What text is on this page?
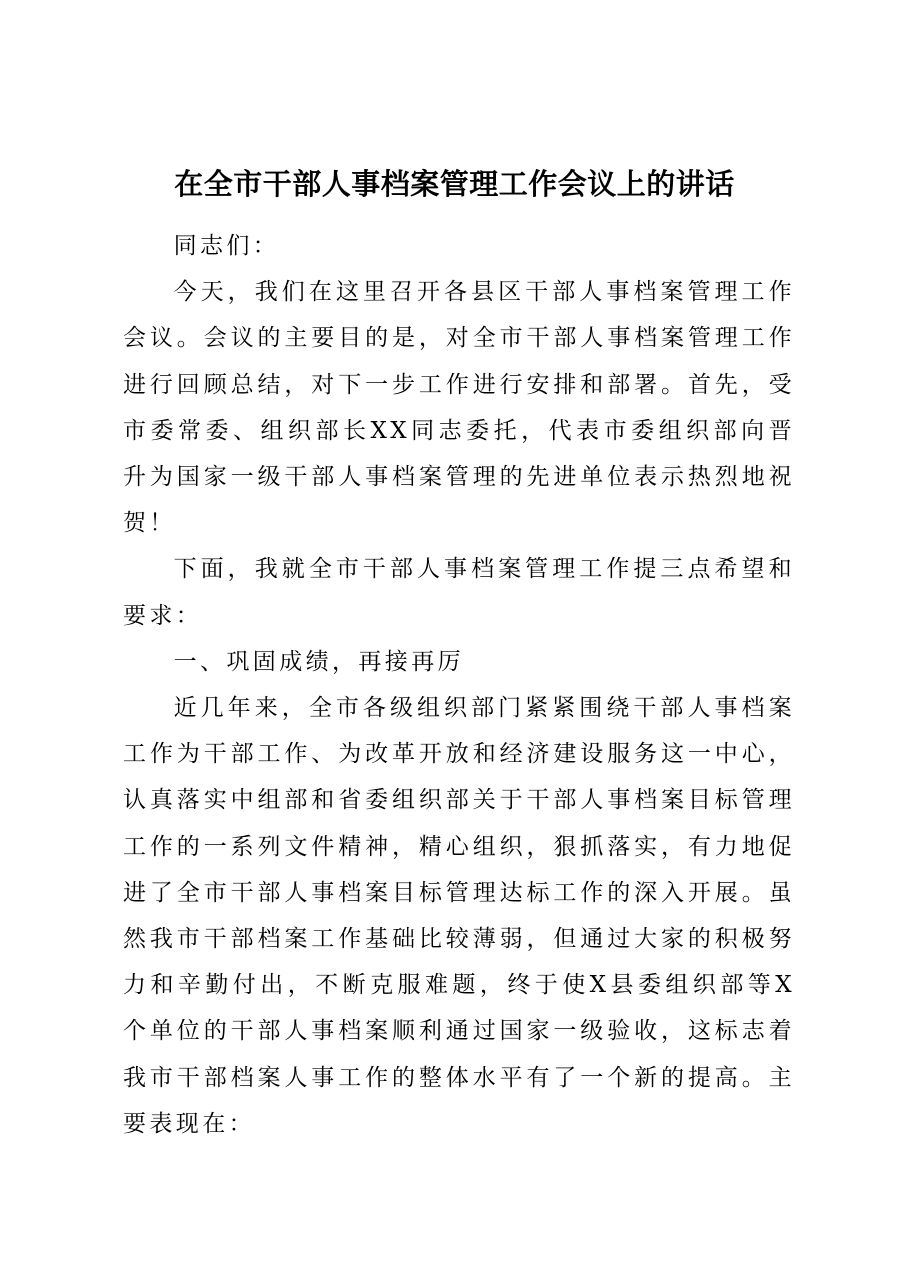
在全市干部人事档案管理工作会议上的讲话

同志们：

今天，我们在这里召开各县区干部人事档案管理工作会议。会议的主要目的是，对全市干部人事档案管理工作进行回顾总结，对下一步工作进行安排和部署。首先，受市委常委、组织部长XX同志委托，代表市委组织部向晋升为国家一级干部人事档案管理的先进单位表示热烈地祝贺！

下面，我就全市干部人事档案管理工作提三点希望和要求：

一、巩固成绩，再接再厉

近几年来，全市各级组织部门紧紧围绕干部人事档案工作为干部工作、为改革开放和经济建设服务这一中心，认真落实中组部和省委组织部关于干部人事档案目标管理工作的一系列文件精神，精心组织，狠抓落实，有力地促进了全市干部人事档案目标管理达标工作的深入开展。虽然我市干部档案工作基础比较薄弱，但通过大家的积极努力和辛勤付出，不断克服难题，终于使X县委组织部等X个单位的干部人事档案顺利通过国家一级验收，这标志着我市干部档案人事工作的整体水平有了一个新的提高。主要表现在：
